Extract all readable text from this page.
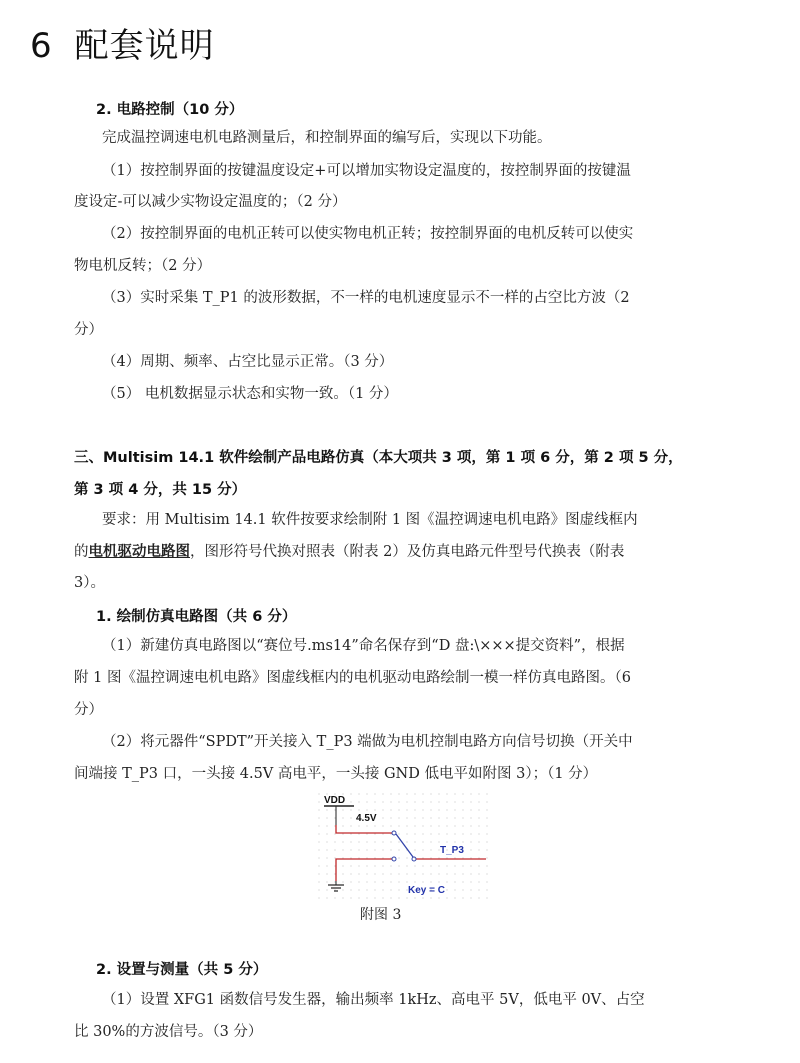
6 配套说明
2. 电路控制（10 分）
完成温控调速电机电路测量后，和控制界面的编写后，实现以下功能。
（1）按控制界面的按键温度设定+可以增加实物设定温度的，按控制界面的按键温
度设定-可以减少实物设定温度的；（2 分）
（2）按控制界面的电机正转可以使实物电机正转；按控制界面的电机反转可以使实
物电机反转；（2 分）
（3）实时采集 T_P1 的波形数据，不一样的电机速度显示不一样的占空比方波（2
分）
（4）周期、频率、占空比显示正常。（3 分）
（5） 电机数据显示状态和实物一致。（1 分）
三、Multisim 14.1 软件绘制产品电路仿真（本大项共 3 项，第 1 项 6 分，第 2 项 5 分，
第 3 项 4 分，共 15 分）
要求：用 Multisim 14.1 软件按要求绘制附 1 图《温控调速电机电路》图虚线框内
的电机驱动电路图，图形符号代换对照表（附表 2）及仿真电路元件型号代换表（附表
3）。
1. 绘制仿真电路图（共 6 分）
（1）新建仿真电路图以“赛位号.ms14”命名保存到“D 盘:\×××提交资料”，根据
附 1 图《温控调速电机电路》图虚线框内的电机驱动电路绘制一模一样仿真电路图。（6
分）
（2）将元器件“SPDT”开关接入 T_P3 端做为电机控制电路方向信号切换（开关中
间端接 T_P3 口，一头接 4.5V 高电平，一头接 GND 低电平如附图 3）；（1 分）
VDD
4.5V
T_P3
Key = C
附图 3
2. 设置与测量（共 5 分）
（1）设置 XFG1 函数信号发生器，输出频率 1kHz、高电平 5V，低电平 0V、占空
比 30%的方波信号。（3 分）
